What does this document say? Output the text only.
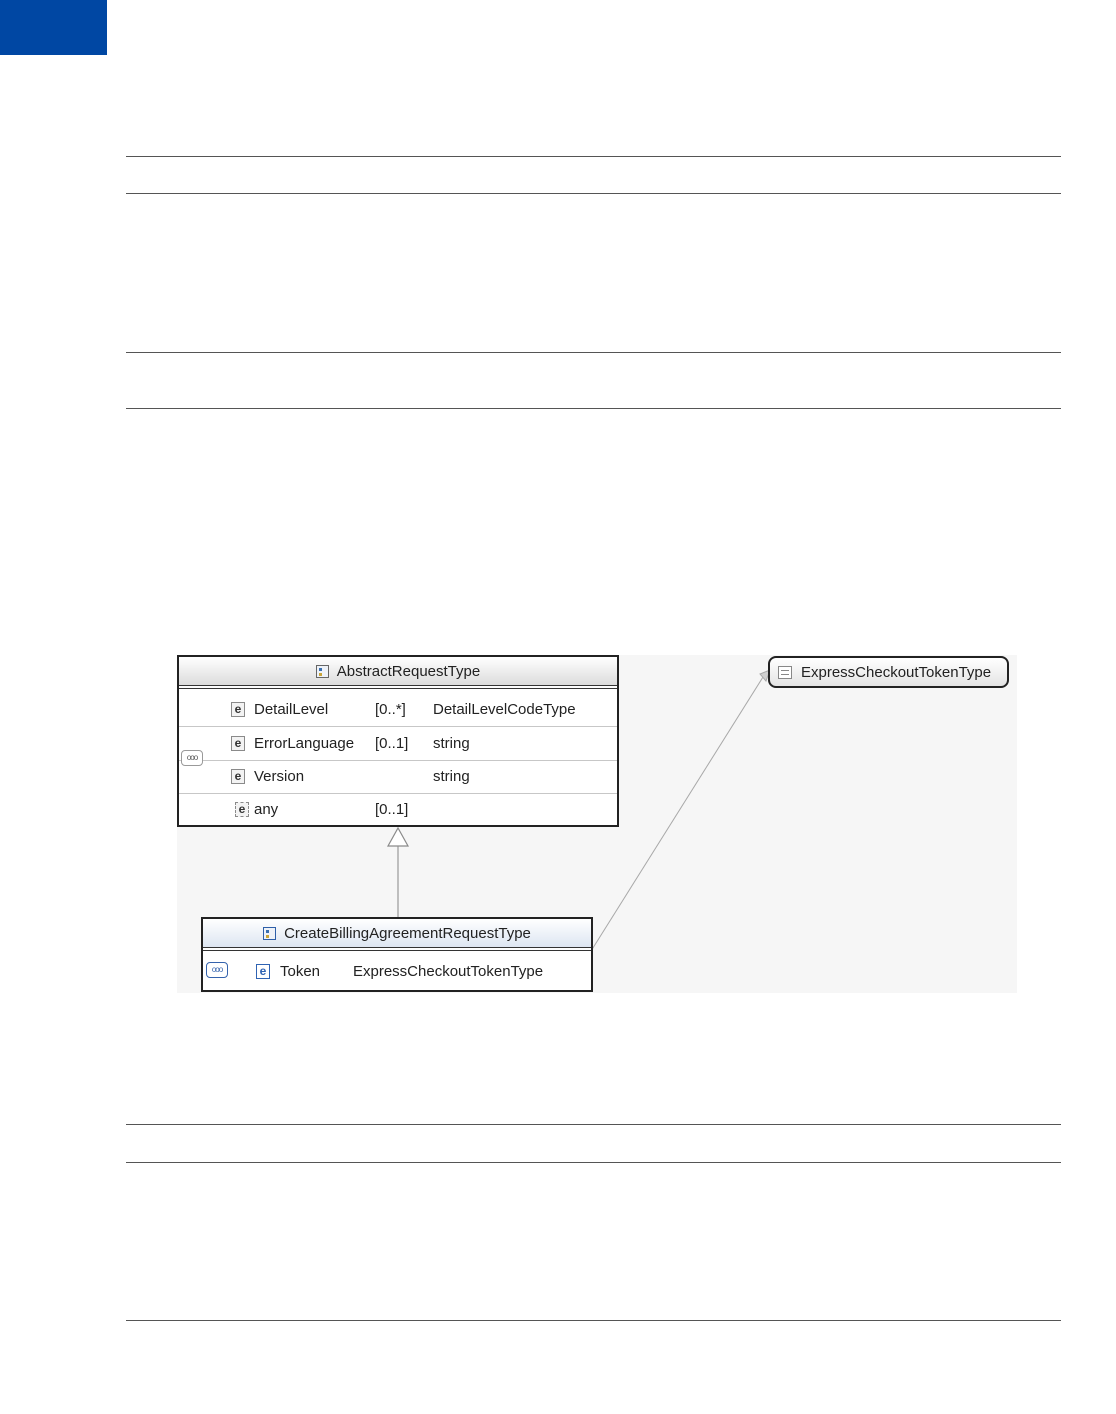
AbstractRequestType
e DetailLevel	[0..*] DetailLevelCodeType
e ErrorLanguage [0..1] string
e Version	string
e any	[0..1]
ooo
CreateBillingAgreementRequestType
e Token ExpressCheckoutTokenType
ooo
ExpressCheckoutTokenType
